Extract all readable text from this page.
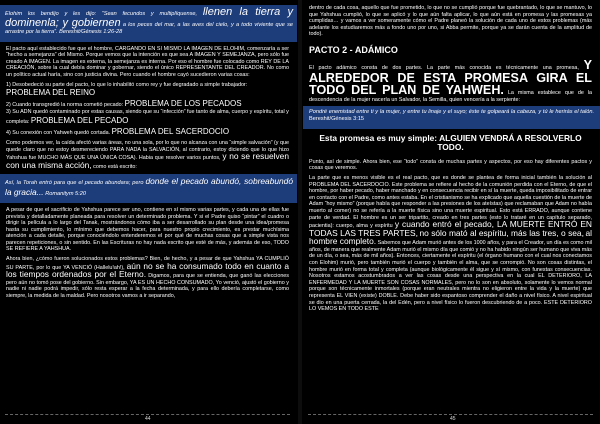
Elohim los bendijo y les dijo: “Sean fecundos y multiplíquense, llenen la tierra y dominenla; y gobiernen a los peces del mar, a las aves del cielo, y a todo viviente que se arrastre por la tierra”. Bereshit/Génesis 1:26-28

El pacto aquí establecido fue que el hombre, CARGANDO EN SI MISMO LA IMAGEN DE ELOHIM, comenzaría a ser “hecho a semejanza” del Mismo. Porque vemos que la intención es que sea A IMAGEN Y SEMEJANZA, pero sólo fue creado A IMAGEN. La imagen es externa, la semejanza es interna. Por eso el hombre fue colocado como REY DE LA CREACIÓN, sobre la cual debía dominar y gobernar, siendo el único REPRESENTANTE DEL CREADOR. No como un político actual haría, sino con justicia divina. Pero cuando el hombre cayó sucedieron varias cosas:

1) Desobedeció su parte del pacto, lo que lo inhabilitó como rey y fue degradado a simple trabajador: PROBLEMA DEL REINO

2) Cuando transgredió la norma cometió pecado: PROBLEMA DE LOS PECADOS

3) Su ADN quedó contaminado por estas causas, siendo que su “infección” fue tanto de alma, cuerpo y espíritu, total y completa: PROBLEMA DEL PECADO

4) Su conexión con Yahweh quedó cortada. PROBLEMA DEL SACERDOCIO

Como podemos ver, la caída afectó varias áreas, no una sola, por lo que no alcanza con una “simple salvación” (y que quede claro que no estoy desmereciendo PARA NADA la SALVACIÓN, al contrario, estoy diciendo que lo que hizo Yahshua fue MUCHO MÁS QUE UNA ÚNICA COSA). Habia que resolver varios puntos, y no se resuelven con una misma acción, como está escrito:

Así, la Torah entró para que el pecado abundara; pero donde el pecado abundó, sobreabundó la gracia... Romanitym 5:20

A pesar de que el sacrificio de Yahshua parece ser uno, contiene en sí mismo varias partes, y cada una de ellas fue prevista y detalladamente planeada para resolver un determinado problema. Y si el Padre quiso “pintar” el cuadro o dirigir la película a lo largo del Tanak, mostrándonos cómo iba a ser desarrollado su plan desde una idea/promesa hasta su cumplimiento, lo mínimo que debemos hacer, para nuestro propio crecimiento, es prestar muchísima atención a cada detalle, porque conociéndolo entenderemos el por qué de muchas cosas que a simple vista nos parecen repeticiones, o sin sentido. En las Escrituras no hay nada escrito que esté de más, y además de eso, TODO SE REFIERE A YAHSHUA.

Ahora bien, ¿cómo fueron solucionados estos problemas? Bien, de hecho, y a pesar de que Yahshua YA CUMPLIÓ SU PARTE, por lo que YA VENCIÓ (Hallelu!ah!), aún no se ha consumado todo en cuanto a los tiempos ordenados por el Eterno. Digamos, para que se entienda, que ganó las elecciones pero aún no tomó pose del gobierno. Sin embargo, YA ES UN HECHO CONSUMADO, Yo venció, ajustó el gobierno y nadie ni nadie podrá impedir, sólo resta esperar a la fecha determinada, y para ello debería completarse, como siempre, la medida de la maldad. Pero nosotros vamos a ir separando,

44

dentro de cada cosa, aquello que fue prometido, lo que no se cumplió porque fue quebrantado, lo que se mantuvo, lo que Yahshua cumplió, lo que se aplicó y lo que aún falta aplicar, lo que aún está en promesa y las promesas ya cumplidas… y vamos a ver someramente cómo el Padre planeó la solución de cada uno de estos problemas (más adelante los estudiaremos más a fondo uno por uno, si Abba permite, porque ya se darán cuenta de la amplitud de todo).

PACTO 2 - ADÁMICO

El pacto adámico consta de dos partes. La parte más conocida es técnicamente una promesa, Y ALREDEDOR DE ESTA PROMESA GIRA EL TODO DEL PLAN DE YAHWEH. La misma establece que de la descendencia de la mujer nacería un Salvador, la Semilla, quien vencería a la serpiente:

Pondré enemistad entre ti y la mujer, y entre tu linaje y el suyo; éste te golpeará la cabeza, y tú le herirás el talón. Bereshit/Génesis 3:15

Esta promesa es muy simple: ALGUIEN VENDRÁ A RESOLVERLO TODO.

Punto, así de simple. Ahora bien, ese “todo” consta de muchas partes y aspectos, por eso hay diferentes pactos y cosas que veremos.

La parte que es menos visible es el real pacto, que es donde se plantea de forma inicial también la solución al PROBLEMA DEL SACERDOCIO. Este problema se refiere al hecho de la comunión perdida con el Eterno, de que el hombre, por haber pecado, haber manchado y en consecuencia recibir en sí la muerte, queda imposibilitado de entrar en contacto con el Padre, como antes estaba. En el cristianismo se ha explicado que aquella cuestión de la muerte de Adam “hoy mismo” (porque había que responder a las presiones de los ateístas) que reclamaban que Adam no había muerto al comer) no se refería a la muerte física sino una muerte espiritual. Esto está ERRADO, aunque contiene parte de verdad. El hombre es un ser tripartito, creado en tres partes (esto lo trataré en un capítulo separado, pacientia): cuerpo, alma y espíritu y cuando entró el pecado, LA MUERTE ENTRÓ EN TODAS LAS TRES PARTES, no sólo mató al espíritu, más las tres, o sea, al hombre completo. Sabemos que Adam murió antes de los 1000 años, y para el Creador, un día es como mil años, de manera que realmente Adam murió el mismo día que comió y no ha habido ningún ser humano que viva más de un día, o sea, más de mil años). Entonces, ciertamente el espíritu (el órgano humano con el cual nos conectamos con Elohim) murió, pero también murió el cuerpo y también el alma, que se corrompió. No son cosas distintas, el hombre murió en forma total y completa (aunque biológicamente él sigue y sí mismo, con funestas consecuencias. Nosotros estamos acostumbrados a ver las cosas desde una perspectiva en la cual EL DETERIORO, LA ENFERMEDAD Y LA MUERTE SON COSAS NORMALES, pero no lo son en absoluto, solamente lo vemos normal porque son técnicamente inmortales (porque eran neutrales mientra no eligieron entre la vida y la muerte) que representa EL VIEN (existe) DOBLE. Debe haber sido espantoso comprender el daño a nivel físico. A nivel espiritual se dio en una puerta cerrada, la del Edén, pero a nivel físico lo fueron descubriendo de a poco. ESTE DETERIORO LO VEMOS EN TODO ESTE

45
